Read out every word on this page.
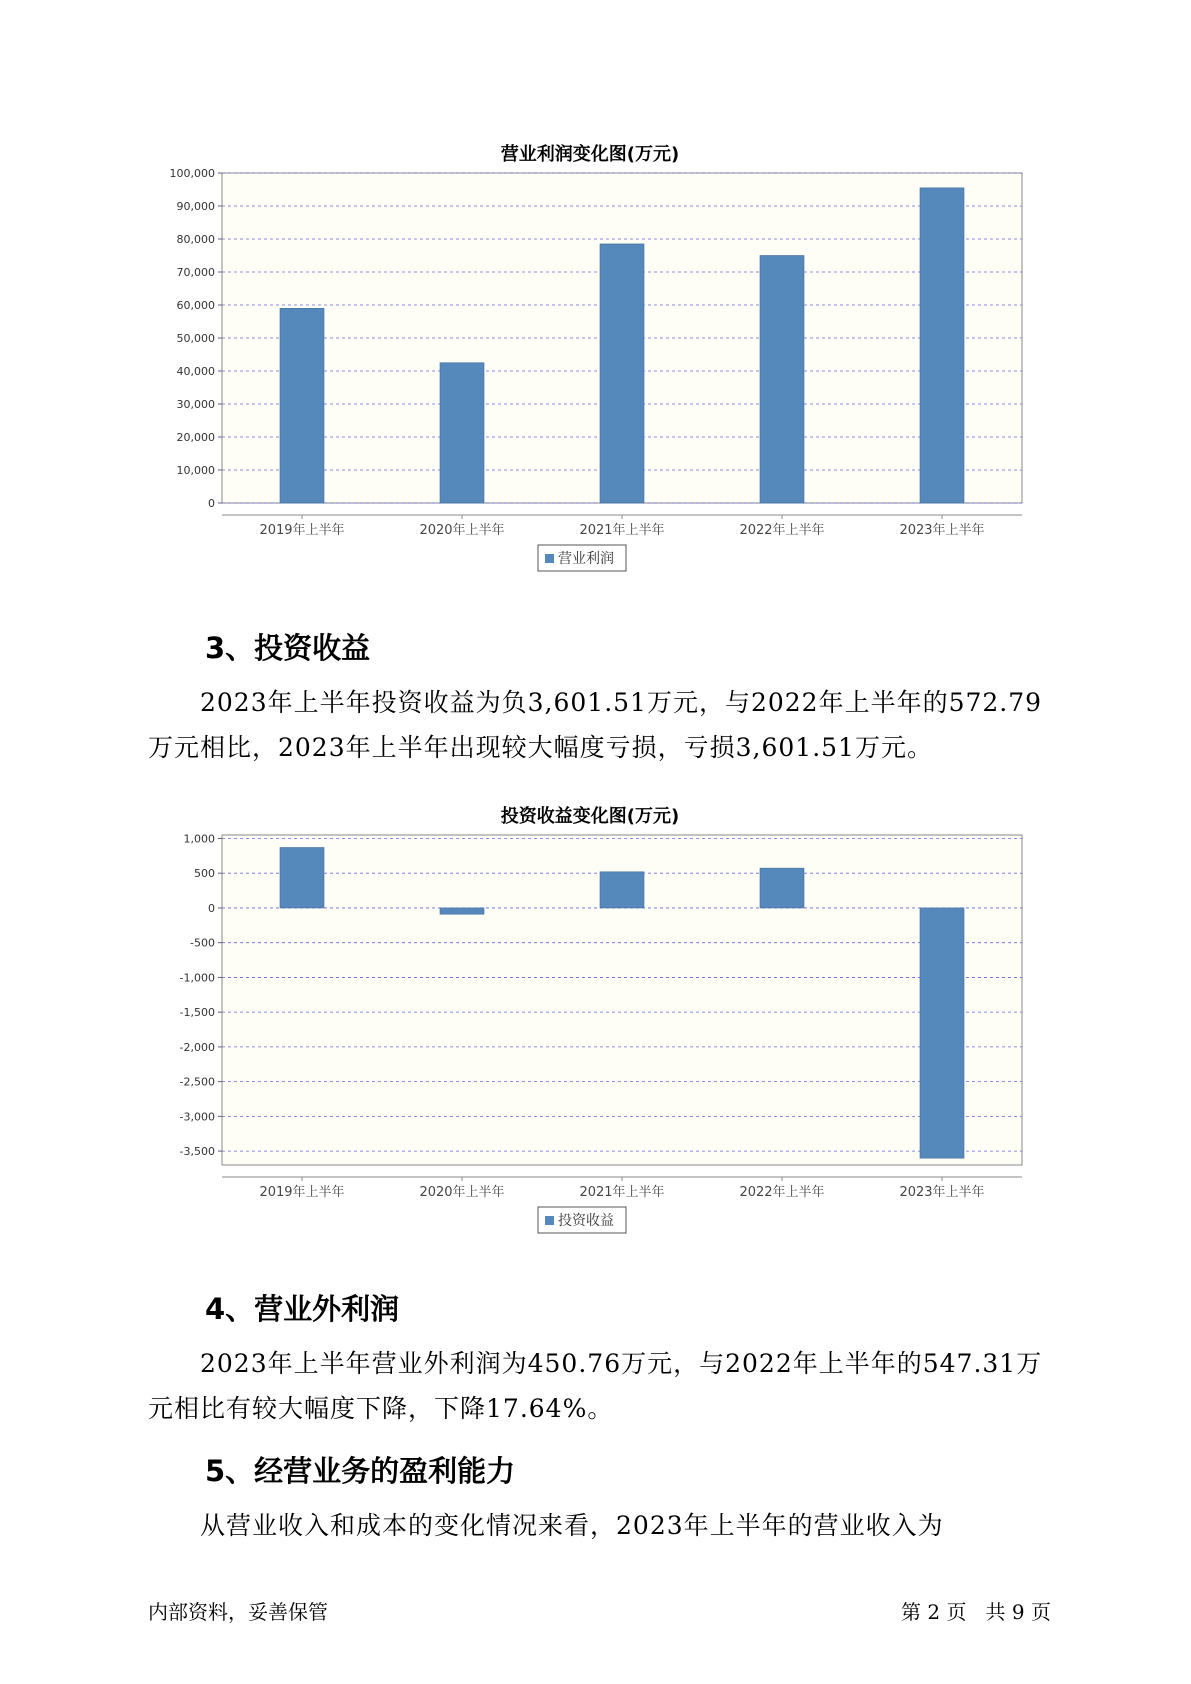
营业利润变化图(万元)
0
10,000
20,000
30,000
40,000
50,000
60,000
70,000
80,000
90,000
100,000
2019年上半年	2020年上半年	2021年上半年	2022年上半年	2023年上半年
营业利润
3、投资收益
2023年上半年投资收益为负3,601.51万元，与2022年上半年的572.79
万元相比，2023年上半年出现较大幅度亏损，亏损3,601.51万元。
投资收益变化图(万元)
-3,500
-3,000
-2,500
-2,000
-1,500
-1,000
-500
0
500
1,000
2019年上半年	2020年上半年	2021年上半年	2022年上半年	2023年上半年
投资收益
4、营业外利润
2023年上半年营业外利润为450.76万元，与2022年上半年的547.31万
元相比有较大幅度下降，下降17.64%。
5、经营业务的盈利能力
从营业收入和成本的变化情况来看，2023年上半年的营业收入为
内部资料，妥善保管	第 2 页   共 9 页
